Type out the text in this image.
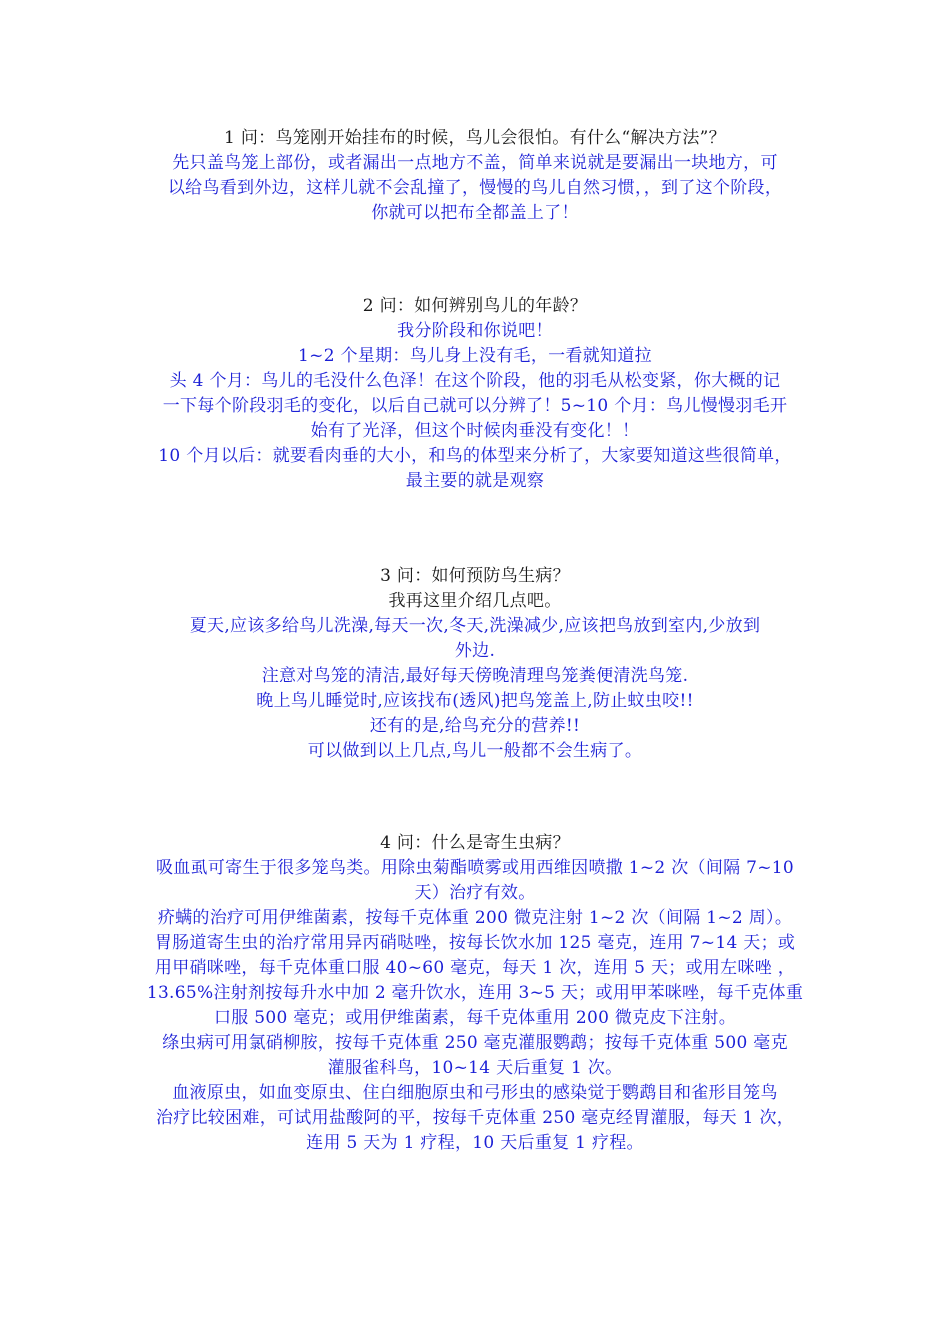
1 问：鸟笼刚开始挂布的时候，鸟儿会很怕。有什么“解决方法”？
先只盖鸟笼上部份，或者漏出一点地方不盖，简单来说就是要漏出一块地方，可
以给鸟看到外边，这样儿就不会乱撞了，慢慢的鸟儿自然习惯，，到了这个阶段，
你就可以把布全都盖上了！
2 问：如何辨别鸟儿的年龄？
我分阶段和你说吧！
1~2 个星期：鸟儿身上没有毛，一看就知道拉
头 4 个月：鸟儿的毛没什么色泽！在这个阶段，他的羽毛从松变紧，你大概的记
一下每个阶段羽毛的变化，以后自己就可以分辨了！5~10 个月：鸟儿慢慢羽毛开
始有了光泽，但这个时候肉垂没有变化！！
10 个月以后：就要看肉垂的大小，和鸟的体型来分析了，大家要知道这些很简单，
最主要的就是观察
3 问：如何预防鸟生病？
我再这里介绍几点吧。
夏天,应该多给鸟儿洗澡,每天一次,冬天,洗澡减少,应该把鸟放到室内,少放到
外边.
注意对鸟笼的清洁,最好每天傍晚清理鸟笼粪便清洗鸟笼.
晚上鸟儿睡觉时,应该找布(透风)把鸟笼盖上,防止蚊虫咬!!
还有的是,给鸟充分的营养!!
可以做到以上几点,鸟儿一般都不会生病了。
4 问：什么是寄生虫病？
吸血虱可寄生于很多笼鸟类。用除虫菊酯喷雾或用西维因喷撒 1~2 次（间隔 7~10
天）治疗有效。
疥螨的治疗可用伊维菌素，按每千克体重 200 微克注射 1~2 次（间隔 1~2 周）。
胃肠道寄生虫的治疗常用异丙硝哒唑，按每长饮水加 125 毫克，连用 7~14 天；或
用甲硝咪唑，每千克体重口服 40~60 毫克，每天 1 次，连用 5 天；或用左咪唑 ，
13.65%注射剂按每升水中加 2 毫升饮水，连用 3~5 天；或用甲苯咪唑，每千克体重
口服 500 毫克；或用伊维菌素，每千克体重用 200 微克皮下注射。
绦虫病可用氯硝柳胺，按每千克体重 250 毫克灌服鹦鹉；按每千克体重 500 毫克
灌服雀科鸟，10~14 天后重复 1 次。
血液原虫，如血变原虫、住白细胞原虫和弓形虫的感染觉于鹦鹉目和雀形目笼鸟
治疗比较困难，可试用盐酸阿的平，按每千克体重 250 毫克经胃灌服，每天 1 次，
连用 5 天为 1 疗程，10 天后重复 1 疗程。
